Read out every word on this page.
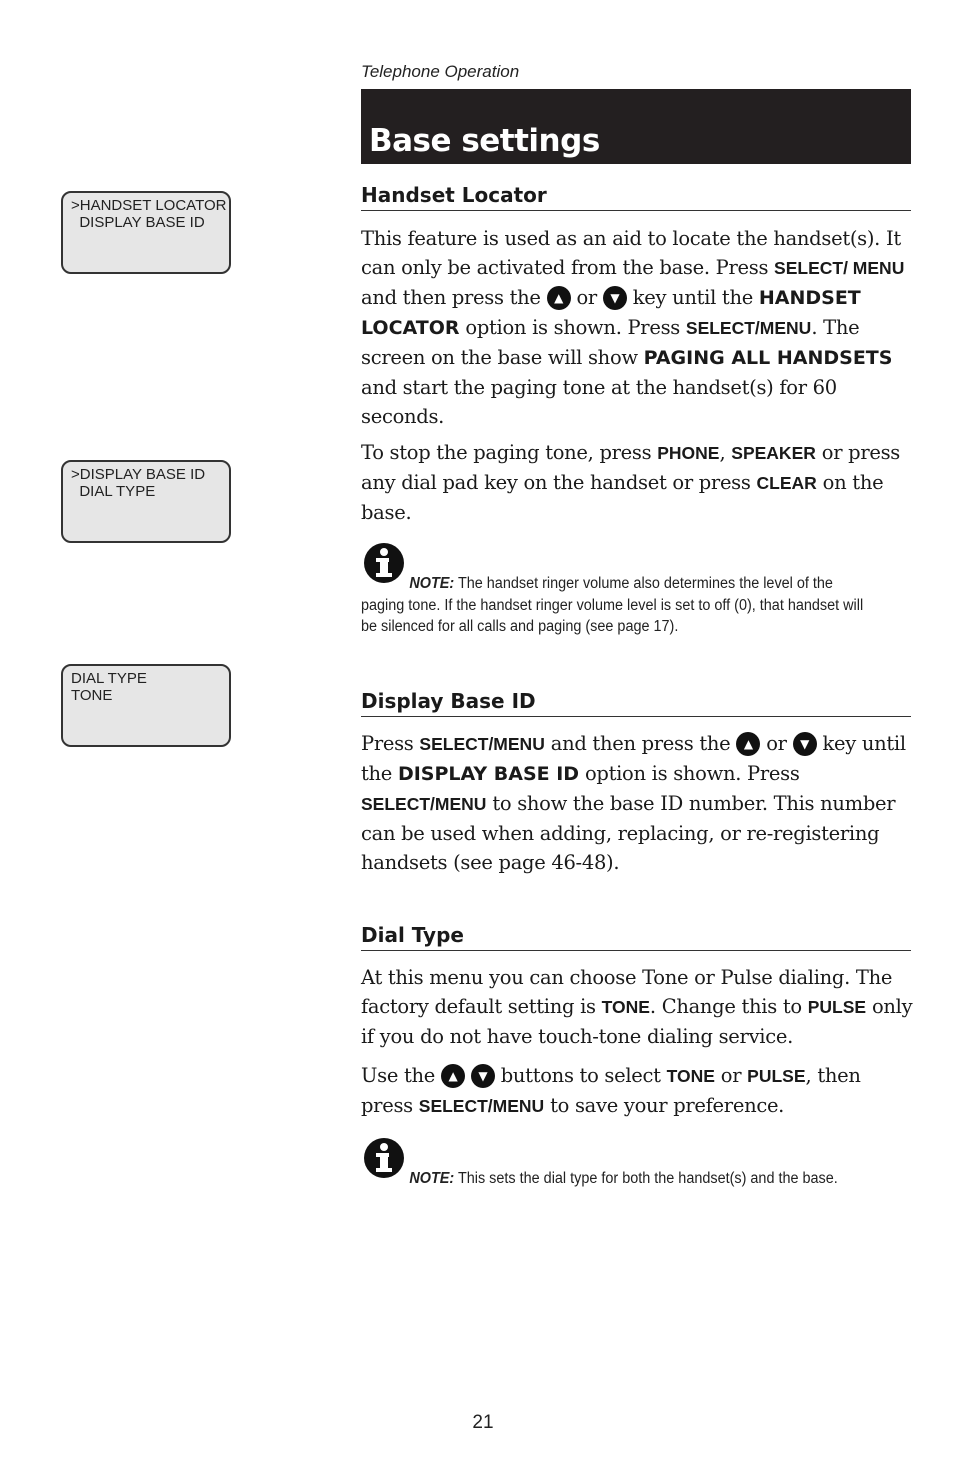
Telephone Operation
Base settings
>HANDSET LOCATOR
DISPLAY BASE ID
>DISPLAY BASE ID
DIAL TYPE
DIAL TYPE
TONE
Handset Locator

This feature is used as an aid to locate the handset(s). It can only be activated from the base. Press SELECT/ MENU and then press the ▲ or ▼ key until the HANDSET LOCATOR option is shown. Press SELECT/MENU. The screen on the base will show PAGING ALL HANDSETS and start the paging tone at the handset(s) for 60 seconds.

To stop the paging tone, press PHONE, SPEAKER or press any dial pad key on the handset or press CLEAR on the base.

NOTE: The handset ringer volume also determines the level of the paging tone. If the handset ringer volume level is set to off (0), that handset will be silenced for all calls and paging (see page 17).

Display Base ID

Press SELECT/MENU and then press the ▲ or ▼ key until the DISPLAY BASE ID option is shown. Press SELECT/MENU to show the base ID number. This number can be used when adding, replacing, or re-registering handsets (see page 46-48).

Dial Type

At this menu you can choose Tone or Pulse dialing. The factory default setting is TONE. Change this to PULSE only if you do not have touch-tone dialing service.

Use the ▲ ▼ buttons to select TONE or PULSE, then press SELECT/MENU to save your preference.

NOTE: This sets the dial type for both the handset(s) and the base.

21
